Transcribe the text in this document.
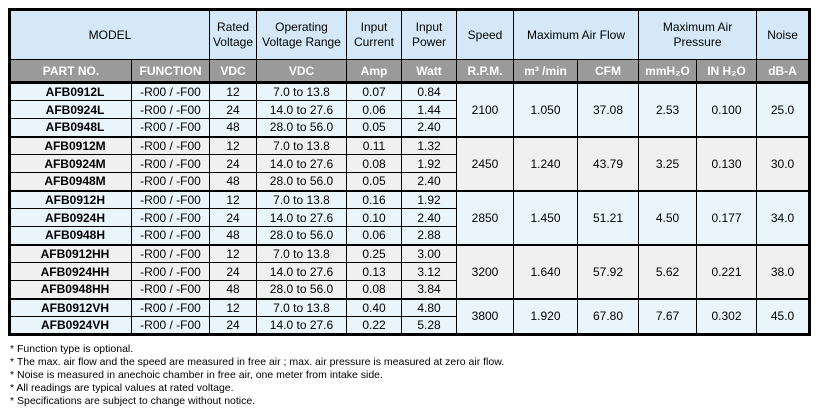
MODEL		Rated Voltage	Operating Voltage Range	Input Current	Input Power	Speed	Maximum Air Flow		Maximum Air Pressure		Noise
PART NO.	FUNCTION	VDC	VDC	Amp	Watt	R.P.M.	m³ /min	CFM	mmH₂O	IN H₂O	dB-A
AFB0912L	-R00 / -F00	12	7.0 to 13.8	0.07	0.84	2100	1.050	37.08	2.53	0.100	25.0
AFB0924L	-R00 / -F00	24	14.0 to 27.6	0.06	1.44						
AFB0948L	-R00 / -F00	48	28.0 to 56.0	0.05	2.40						
AFB0912M	-R00 / -F00	12	7.0 to 13.8	0.11	1.32	2450	1.240	43.79	3.25	0.130	30.0
AFB0924M	-R00 / -F00	24	14.0 to 27.6	0.08	1.92						
AFB0948M	-R00 / -F00	48	28.0 to 56.0	0.05	2.40						
AFB0912H	-R00 / -F00	12	7.0 to 13.8	0.16	1.92	2850	1.450	51.21	4.50	0.177	34.0
AFB0924H	-R00 / -F00	24	14.0 to 27.6	0.10	2.40						
AFB0948H	-R00 / -F00	48	28.0 to 56.0	0.06	2.88						
AFB0912HH	-R00 / -F00	12	7.0 to 13.8	0.25	3.00	3200	1.640	57.92	5.62	0.221	38.0
AFB0924HH	-R00 / -F00	24	14.0 to 27.6	0.13	3.12						
AFB0948HH	-R00 / -F00	48	28.0 to 56.0	0.08	3.84						
AFB0912VH	-R00 / -F00	12	7.0 to 13.8	0.40	4.80	3800	1.920	67.80	7.67	0.302	45.0
AFB0924VH	-R00 / -F00	24	14.0 to 27.6	0.22	5.28						
* Function type is optional.
* The max. air flow and the speed are measured in free air ; max. air pressure is measured at zero air flow.
* Noise is measured in anechoic chamber in free air, one meter from intake side.
* All readings are typical values at rated voltage.
* Specifications are subject to change without notice.
